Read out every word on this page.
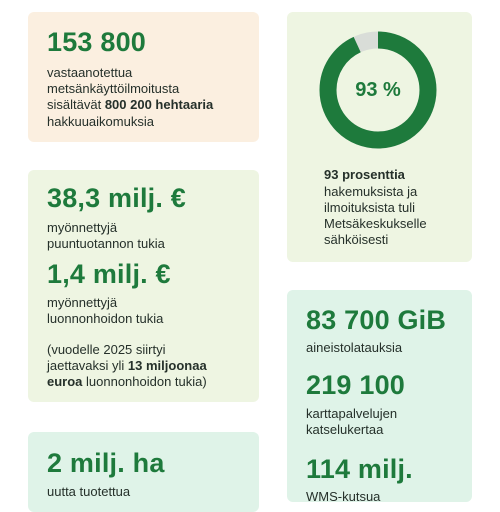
153 800
vastaanotettua
metsänkäyttöilmoitusta
sisältävät 800 200 hehtaaria
hakkuuaikomuksia
93 %
93 prosenttia
hakemuksista ja
ilmoituksista tuli
Metsäkeskukselle
sähköisesti
38,3 milj. €
myönnettyjä
puuntuotannon tukia
1,4 milj. €
myönnettyjä
luonnonhoidon tukia
(vuodelle 2025 siirtyi
jaettavaksi yli 13 miljoonaa
euroa luonnonhoidon tukia)
83 700 GiB
aineistolatauksia
219 100
karttapalvelujen
katselukertaa
114 milj.
WMS-kutsua
2 milj. ha
uutta tuotettua
